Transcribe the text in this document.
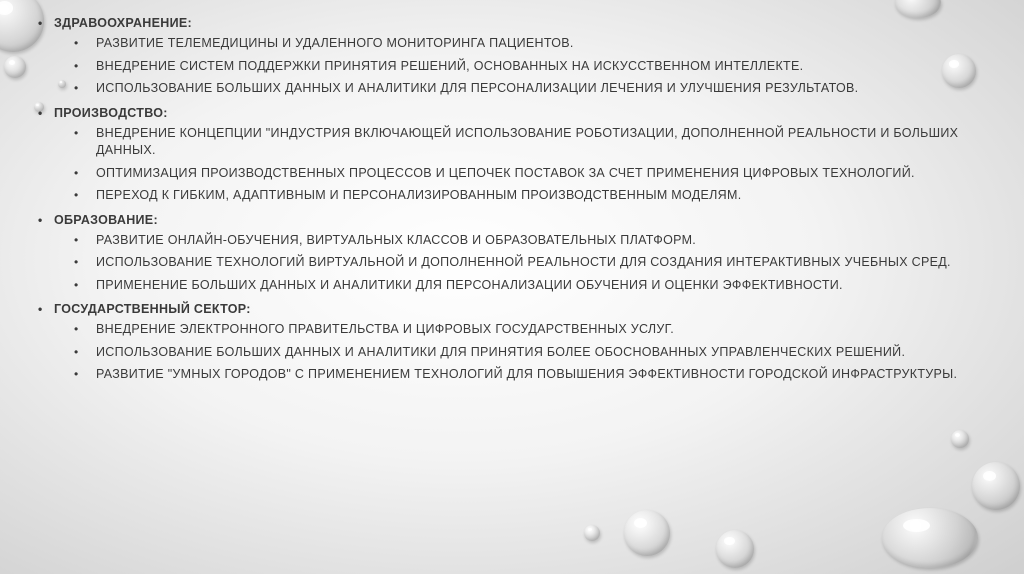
• ЗДРАВООХРАНЕНИЕ:
• РАЗВИТИЕ ТЕЛЕМЕДИЦИНЫ И УДАЛЕННОГО МОНИТОРИНГА ПАЦИЕНТОВ.
• ВНЕДРЕНИЕ СИСТЕМ ПОДДЕРЖКИ ПРИНЯТИЯ РЕШЕНИЙ, ОСНОВАННЫХ НА ИСКУССТВЕННОМ ИНТЕЛЛЕКТЕ.
• ИСПОЛЬЗОВАНИЕ БОЛЬШИХ ДАННЫХ И АНАЛИТИКИ ДЛЯ ПЕРСОНАЛИЗАЦИИ ЛЕЧЕНИЯ И УЛУЧШЕНИЯ РЕЗУЛЬТАТОВ.
• ПРОИЗВОДСТВО:
• ВНЕДРЕНИЕ КОНЦЕПЦИИ "ИНДУСТРИЯ ВКЛЮЧАЮЩЕЙ ИСПОЛЬЗОВАНИЕ РОБОТИЗАЦИИ, ДОПОЛНЕННОЙ РЕАЛЬНОСТИ И БОЛЬШИХ ДАННЫХ.
• ОПТИМИЗАЦИЯ ПРОИЗВОДСТВЕННЫХ ПРОЦЕССОВ И ЦЕПОЧЕК ПОСТАВОК ЗА СЧЕТ ПРИМЕНЕНИЯ ЦИФРОВЫХ ТЕХНОЛОГИЙ.
• ПЕРЕХОД К ГИБКИМ, АДАПТИВНЫМ И ПЕРСОНАЛИЗИРОВАННЫМ ПРОИЗВОДСТВЕННЫМ МОДЕЛЯМ.
• ОБРАЗОВАНИЕ:
• РАЗВИТИЕ ОНЛАЙН-ОБУЧЕНИЯ, ВИРТУАЛЬНЫХ КЛАССОВ И ОБРАЗОВАТЕЛЬНЫХ ПЛАТФОРМ.
• ИСПОЛЬЗОВАНИЕ ТЕХНОЛОГИЙ ВИРТУАЛЬНОЙ И ДОПОЛНЕННОЙ РЕАЛЬНОСТИ ДЛЯ СОЗДАНИЯ ИНТЕРАКТИВНЫХ УЧЕБНЫХ СРЕД.
• ПРИМЕНЕНИЕ БОЛЬШИХ ДАННЫХ И АНАЛИТИКИ ДЛЯ ПЕРСОНАЛИЗАЦИИ ОБУЧЕНИЯ И ОЦЕНКИ ЭФФЕКТИВНОСТИ.
• ГОСУДАРСТВЕННЫЙ СЕКТОР:
• ВНЕДРЕНИЕ ЭЛЕКТРОННОГО ПРАВИТЕЛЬСТВА И ЦИФРОВЫХ ГОСУДАРСТВЕННЫХ УСЛУГ.
• ИСПОЛЬЗОВАНИЕ БОЛЬШИХ ДАННЫХ И АНАЛИТИКИ ДЛЯ ПРИНЯТИЯ БОЛЕЕ ОБОСНОВАННЫХ УПРАВЛЕНЧЕСКИХ РЕШЕНИЙ.
• РАЗВИТИЕ "УМНЫХ ГОРОДОВ" С ПРИМЕНЕНИЕМ ТЕХНОЛОГИЙ ДЛЯ ПОВЫШЕНИЯ ЭФФЕКТИВНОСТИ ГОРОДСКОЙ ИНФРАСТРУКТУРЫ.
